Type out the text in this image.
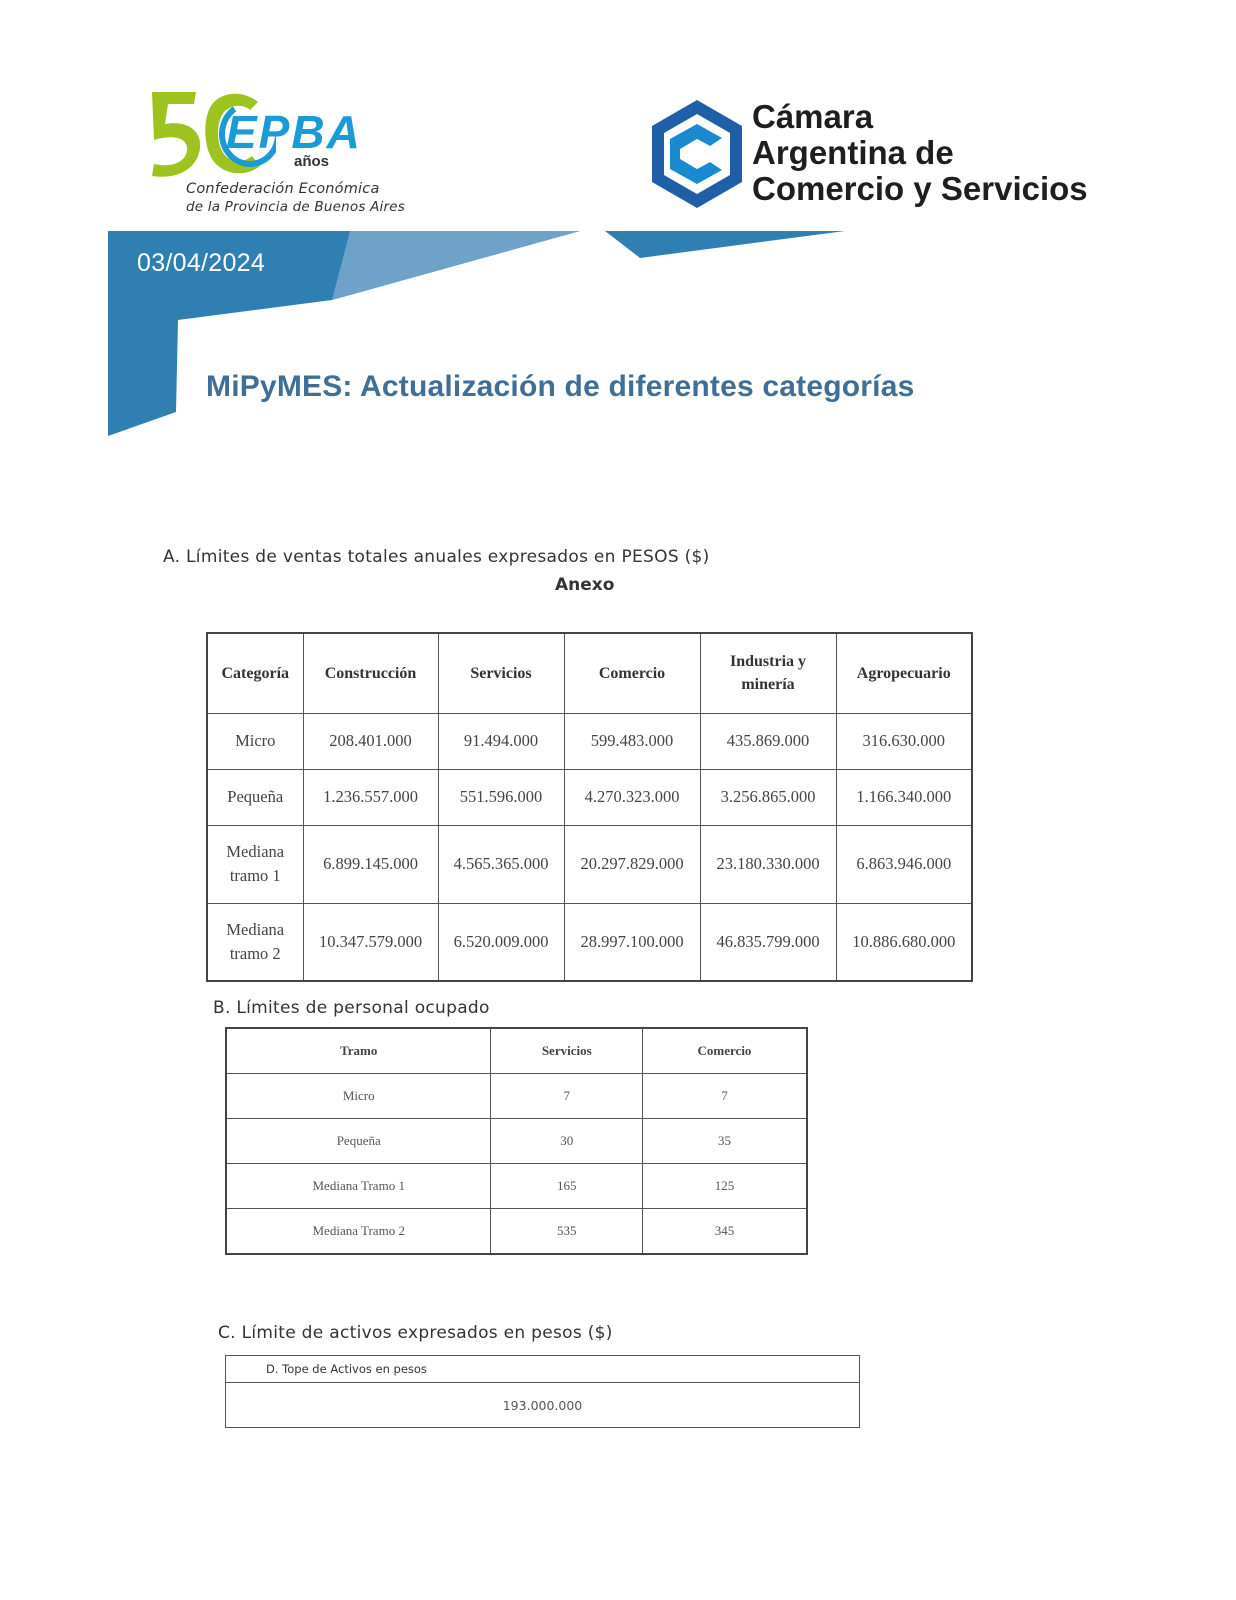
EPBA
años
Confederación Económica
de la Provincia de Buenos Aires
Cámara
Argentina de
Comercio y Servicios
03/04/2024
MiPyMES: Actualización de diferentes categorías
A. Límites de ventas totales anuales expresados en PESOS ($)
Anexo
Categoría	Construcción	Servicios	Comercio	Industria y minería	Agropecuario
Micro	208.401.000	91.494.000	599.483.000	435.869.000	316.630.000
Pequeña	1.236.557.000	551.596.000	4.270.323.000	3.256.865.000	1.166.340.000
Mediana tramo 1	6.899.145.000	4.565.365.000	20.297.829.000	23.180.330.000	6.863.946.000
Mediana tramo 2	10.347.579.000	6.520.009.000	28.997.100.000	46.835.799.000	10.886.680.000
B. Límites de personal ocupado
Tramo	Servicios	Comercio
Micro	7	7
Pequeña	30	35
Mediana Tramo 1	165	125
Mediana Tramo 2	535	345
C. Límite de activos expresados en pesos ($)
D. Tope de Activos en pesos
193.000.000
